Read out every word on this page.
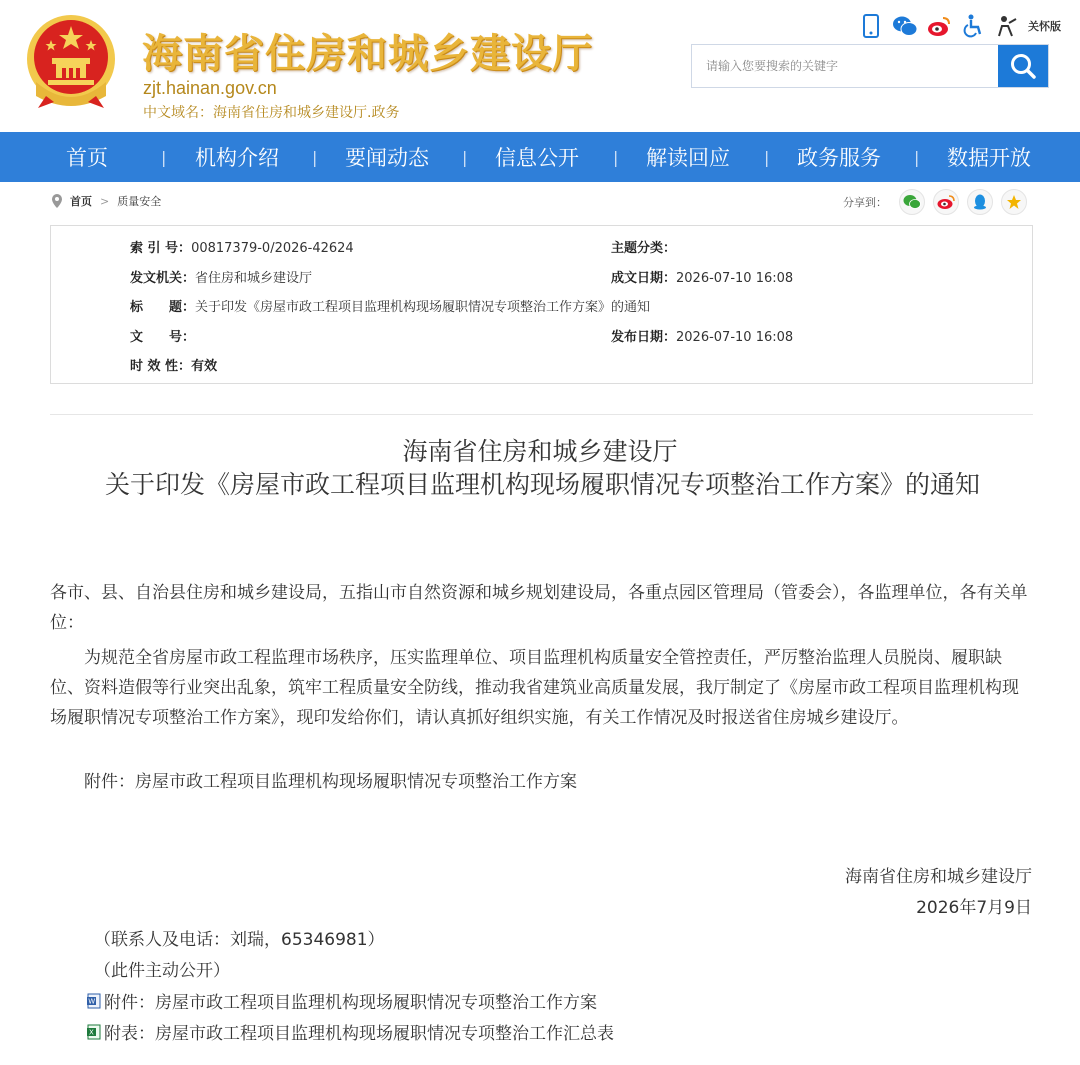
海南省住房和城乡建设厅
zjt.hainan.gov.cn
中文域名：海南省住房和城乡建设厅.政务
关怀版
请输入您要搜索的关键字
首页	| 机构介绍 | 要闻动态 | 信息公开 | 解读回应 | 政务服务 | 数据开放
首页 > 质量安全	分享到：
索 引 号：00817379-0/2026-42624	主题分类：
发文机关：省住房和城乡建设厅	成文日期：2026-07-10 16:08
标　　题：关于印发《房屋市政工程项目监理机构现场履职情况专项整治工作方案》的通知
文　　号：	发布日期：2026-07-10 16:08
时 效 性：有效
海南省住房和城乡建设厅
关于印发《房屋市政工程项目监理机构现场履职情况专项整治工作方案》的通知
各市、县、自治县住房和城乡建设局，五指山市自然资源和城乡规划建设局，各重点园区管理局（管委会），各监理单位，各有关单位：
为规范全省房屋市政工程监理市场秩序，压实监理单位、项目监理机构质量安全管控责任，严厉整治监理人员脱岗、履职缺位、资料造假等行业突出乱象，筑牢工程质量安全防线，推动我省建筑业高质量发展，我厅制定了《房屋市政工程项目监理机构现场履职情况专项整治工作方案》，现印发给你们，请认真抓好组织实施，有关工作情况及时报送省住房城乡建设厅。
附件：房屋市政工程项目监理机构现场履职情况专项整治工作方案
海南省住房和城乡建设厅
2026年7月9日
（联系人及电话：刘瑞，65346981）
（此件主动公开）
W 附件：房屋市政工程项目监理机构现场履职情况专项整治工作方案
X 附表：房屋市政工程项目监理机构现场履职情况专项整治工作汇总表
